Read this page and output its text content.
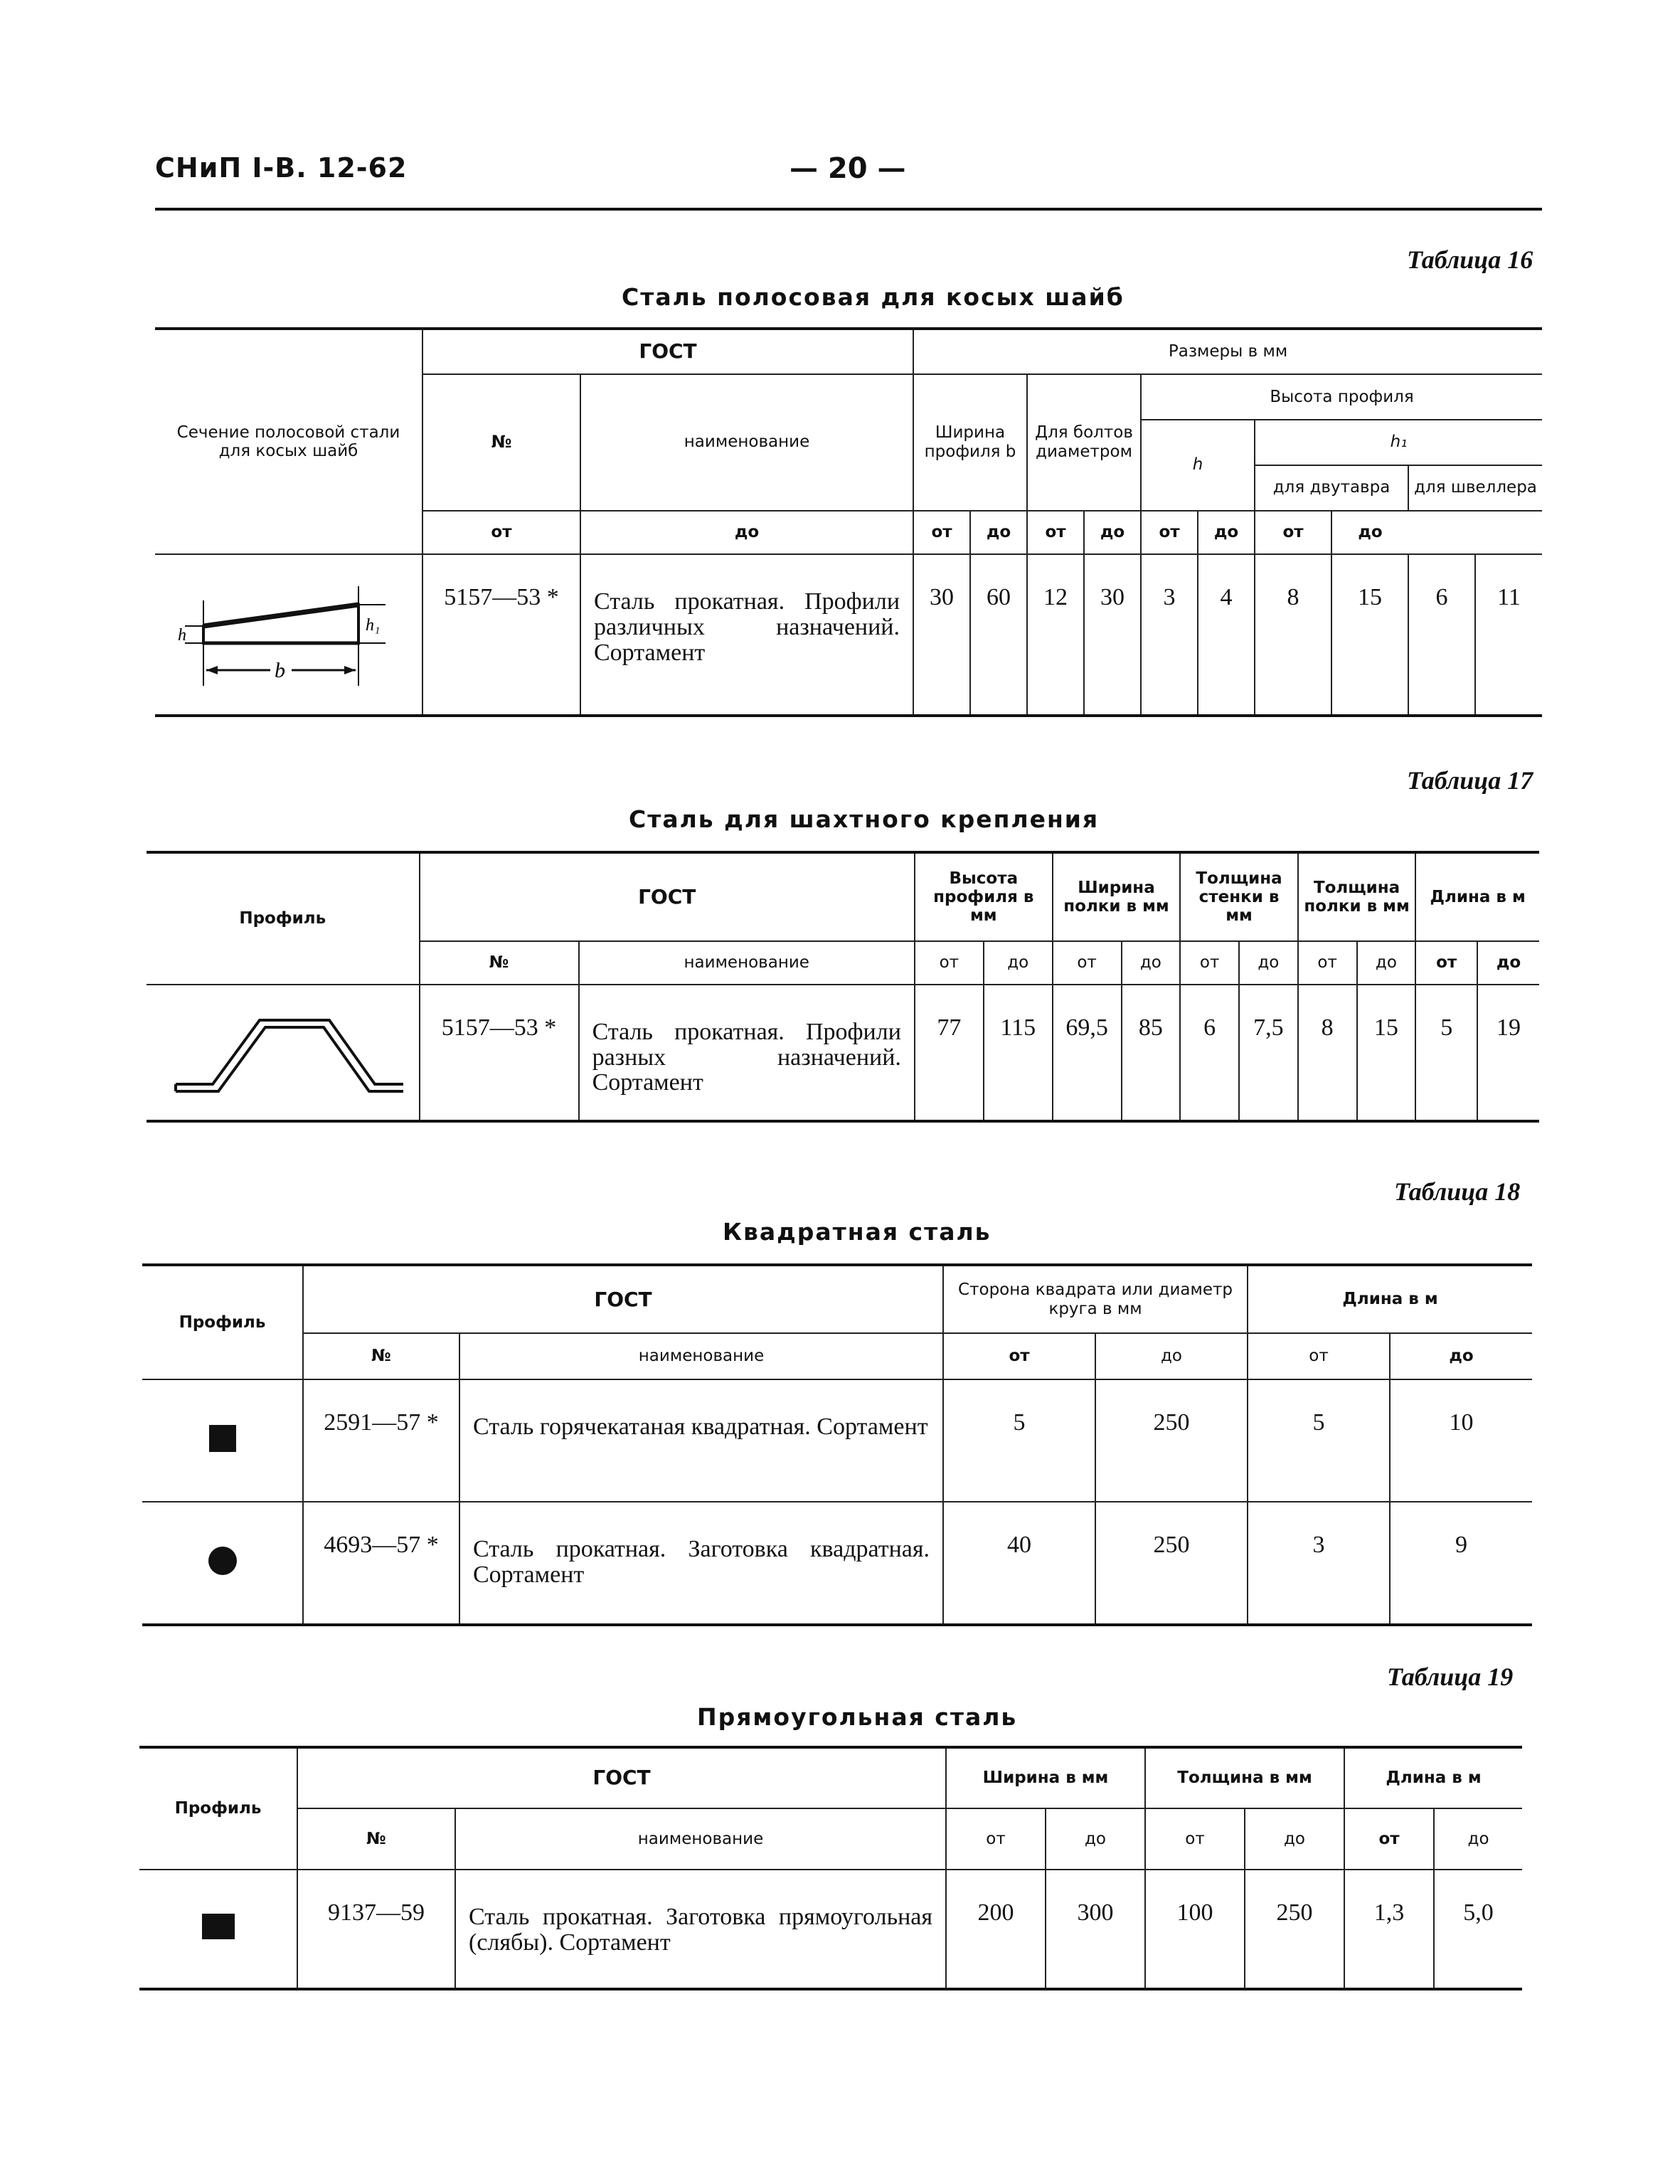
СНиП I-В. 12-62	— 20 —
Таблица 16
Сталь полосовая для косых шайб
Сечение полосовой стали для косых шайб	ГОСТ		Размеры в мм									
	№	наименование	Ширина профиля b		Для болтов диаметром		Высота профиля					
							h		h₁			
									для двутавра		для швеллера	
	от	до	от	до	от	до	от	до	от	до		

h
h₁
b	5157—53 *	Сталь прокатная. Профили различных назначений. Сортамент	30	60	12	30	3	4	8	15	6	11
Таблица 17
Сталь для шахтного крепления
Профиль	ГОСТ		Высота профиля в мм		Ширина полки в мм		Толщина стенки в мм		Толщина полки в мм		Длина в м	
	№	наименование	от	до	от	до	от	до	от	до	от	до
	5157—53 *	Сталь прокатная. Профили разных назначений. Сортамент	77	115	69,5	85	6	7,5	8	15	5	19
Таблица 18
Квадратная сталь
Профиль	ГОСТ		Сторона квадрата или диаметр круга в мм		Длина в м	
	№	наименование	от	до	от	до
	2591—57 *	Сталь горячекатаная квадратная. Сортамент	5	250	5	10
	4693—57 *	Сталь прокатная. Заготовка квадратная. Сортамент	40	250	3	9
Таблица 19
Прямоугольная сталь
Профиль	ГОСТ		Ширина в мм		Толщина в мм		Длина в м	
	№	наименование	от	до	от	до	от	до
	9137—59	Сталь прокатная. Заготовка прямоугольная (слябы). Сортамент	200	300	100	250	1,3	5,0
